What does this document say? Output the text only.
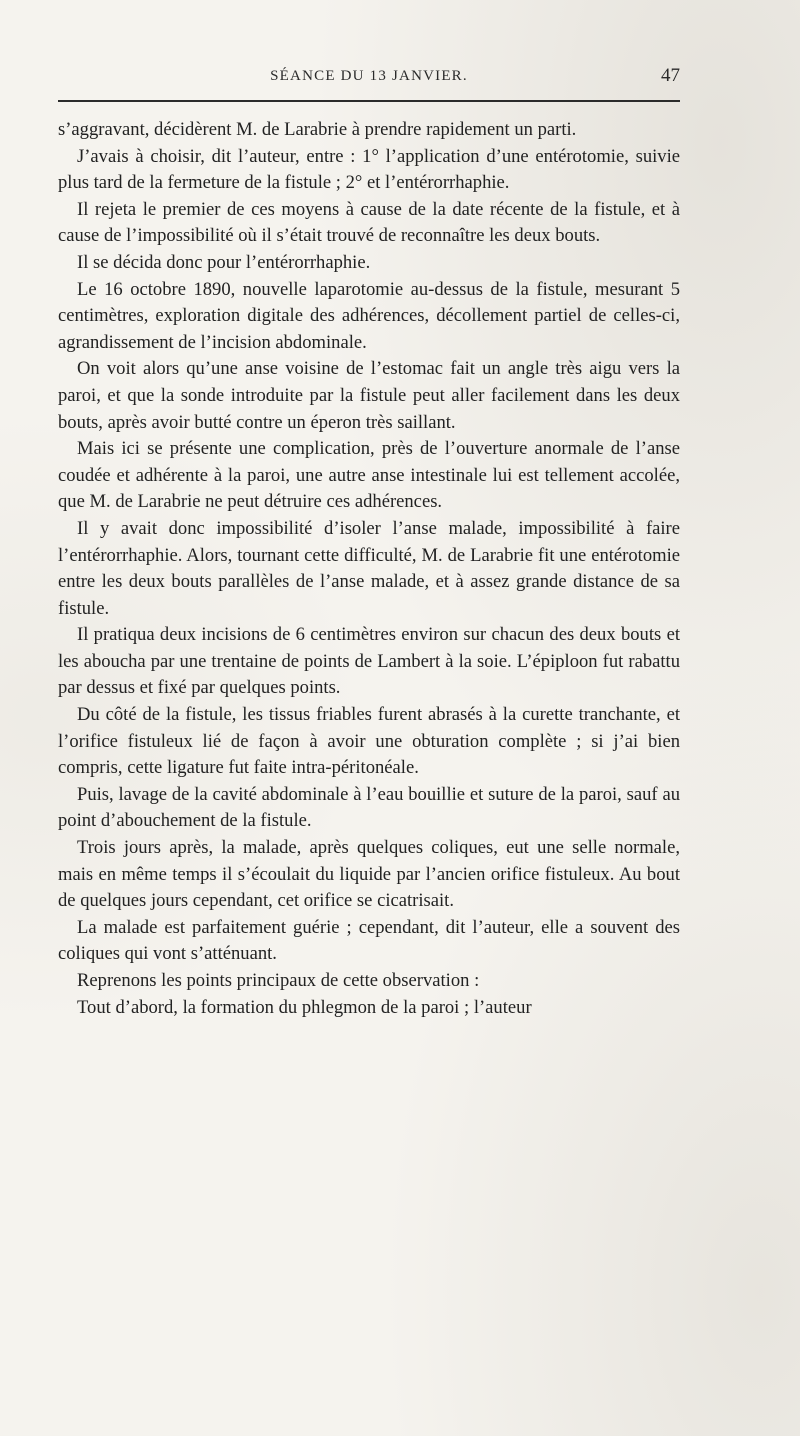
SÉANCE DU 13 JANVIER.	47

s’aggravant, décidèrent M. de Larabrie à prendre rapidement un parti.

J’avais à choisir, dit l’auteur, entre : 1° l’application d’une entérotomie, suivie plus tard de la fermeture de la fistule ; 2° et l’entérorrhaphie.

Il rejeta le premier de ces moyens à cause de la date récente de la fistule, et à cause de l’impossibilité où il s’était trouvé de reconnaître les deux bouts.

Il se décida donc pour l’entérorrhaphie.

Le 16 octobre 1890, nouvelle laparotomie au-dessus de la fistule, mesurant 5 centimètres, exploration digitale des adhérences, décollement partiel de celles-ci, agrandissement de l’incision abdominale.

On voit alors qu’une anse voisine de l’estomac fait un angle très aigu vers la paroi, et que la sonde introduite par la fistule peut aller facilement dans les deux bouts, après avoir butté contre un éperon très saillant.

Mais ici se présente une complication, près de l’ouverture anormale de l’anse coudée et adhérente à la paroi, une autre anse intestinale lui est tellement accolée, que M. de Larabrie ne peut détruire ces adhérences.

Il y avait donc impossibilité d’isoler l’anse malade, impossibilité à faire l’entérorrhaphie. Alors, tournant cette difficulté, M. de Larabrie fit une entérotomie entre les deux bouts parallèles de l’anse malade, et à assez grande distance de sa fistule.

Il pratiqua deux incisions de 6 centimètres environ sur chacun des deux bouts et les aboucha par une trentaine de points de Lambert à la soie. L’épiploon fut rabattu par dessus et fixé par quelques points.

Du côté de la fistule, les tissus friables furent abrasés à la curette tranchante, et l’orifice fistuleux lié de façon à avoir une obturation complète ; si j’ai bien compris, cette ligature fut faite intra-péritonéale.

Puis, lavage de la cavité abdominale à l’eau bouillie et suture de la paroi, sauf au point d’abouchement de la fistule.

Trois jours après, la malade, après quelques coliques, eut une selle normale, mais en même temps il s’écoulait du liquide par l’ancien orifice fistuleux. Au bout de quelques jours cependant, cet orifice se cicatrisait.

La malade est parfaitement guérie ; cependant, dit l’auteur, elle a souvent des coliques qui vont s’atténuant.

Reprenons les points principaux de cette observation :

Tout d’abord, la formation du phlegmon de la paroi ; l’auteur
